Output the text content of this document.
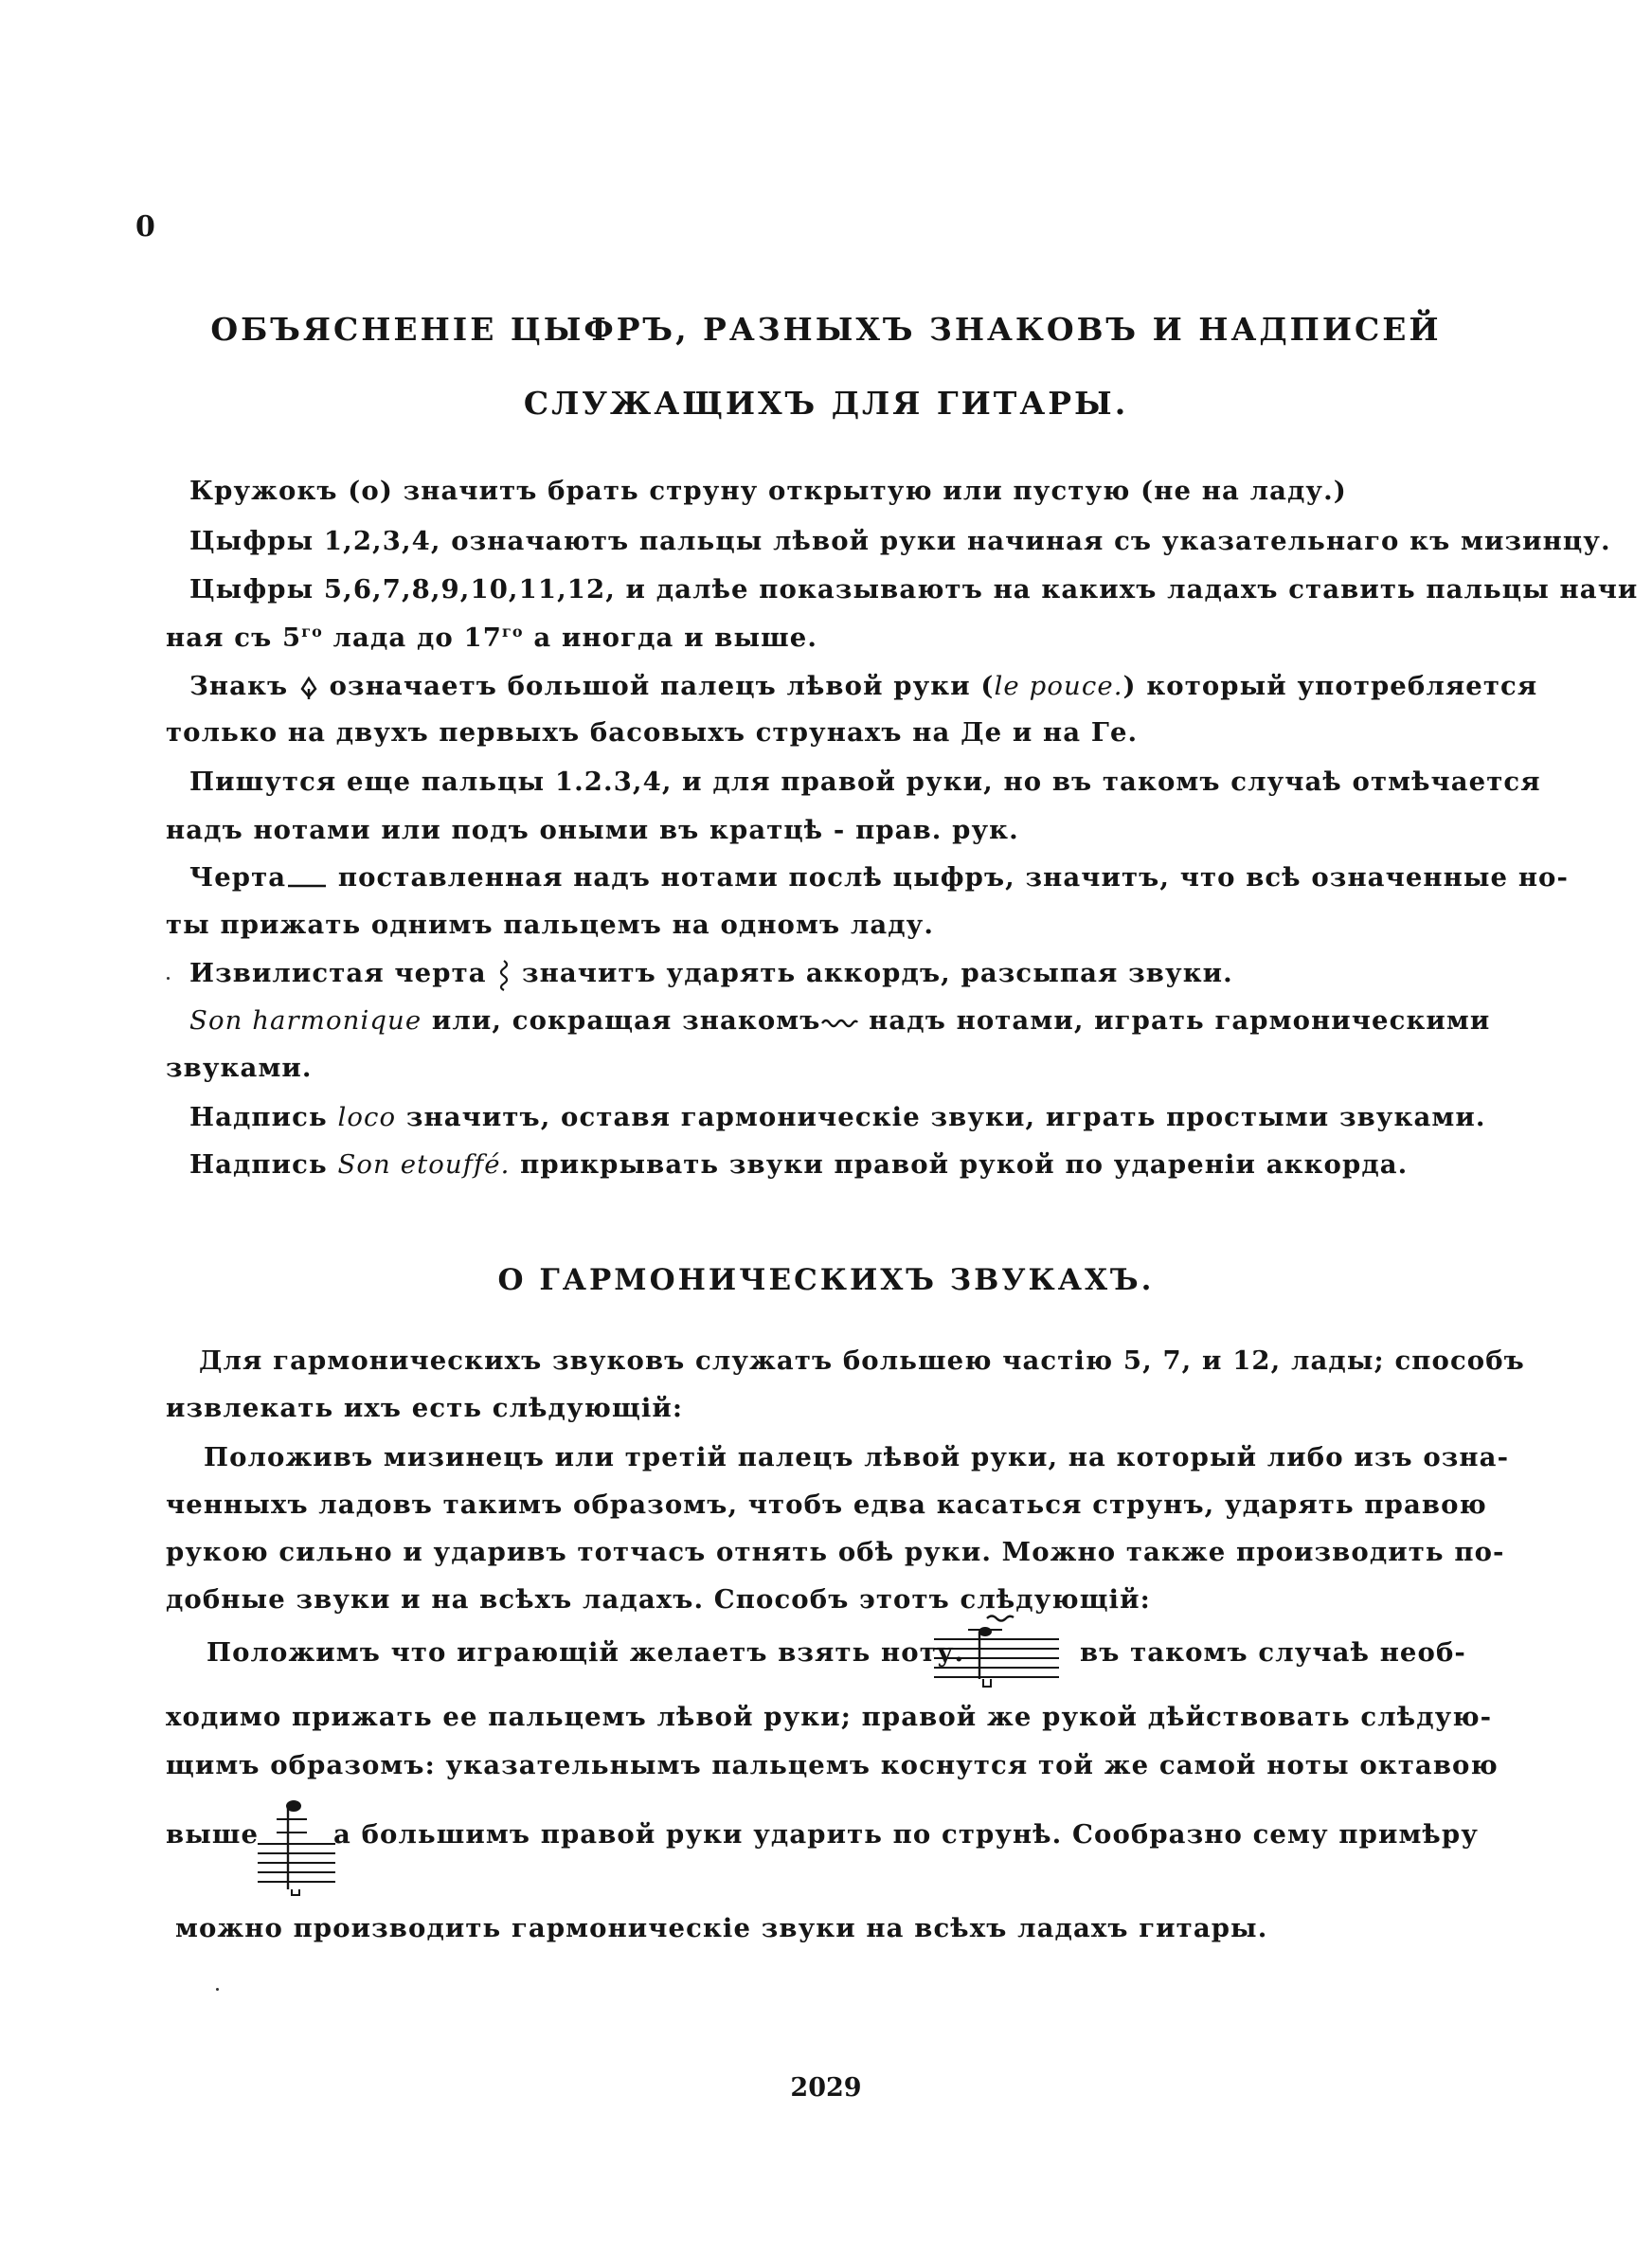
0
ОБЪЯСНЕНІЕ ЦЫФРЪ, РАЗНЫХЪ ЗНАКОВЪ И НАДПИСЕЙ
СЛУЖАЩИХЪ ДЛЯ ГИТАРЫ.
Кружокъ (o) значитъ брать струну открытую или пустую (не на ладу.)
Цыфры 1,2,3,4, означаютъ пальцы лѣвой руки начиная съ указательнаго къ мизинцу.
Цыфры 5,6,7,8,9,10,11,12, и далѣе показываютъ на какихъ ладахъ ставить пальцы начи
ная съ $5^{го}$ лада до $17^{го}$ а иногда и выше.
Знакъ  означаетъ большой палецъ лѣвой руки (le pouce.) который употребляется
только на двухъ первыхъ басовыхъ струнахъ на Де и на Ге.
Пишутся еще пальцы 1.2.3,4, и для правой руки, но въ такомъ случаѣ отмѣчается
надъ нотами или подъ оными въ кратцѣ - прав. рук.
Черта поставленная надъ нотами послѣ цыфръ, значитъ, что всѣ означенные но-
ты прижать однимъ пальцемъ на одномъ ладу.
Извилистая черта  значитъ ударять аккордъ, разсыпая звуки.
Son harmonique или, сокращая знакомъ надъ нотами, играть гармоническими
звуками.
Надпись loco значитъ, оставя гармоническіе звуки, играть простыми звуками.
Надпись Son etouffé. прикрывать звуки правой рукой по ударенiи аккорда.
О ГАРМОНИЧЕСКИХЪ ЗВУКАХЪ.
Для гармоническихъ звуковъ служатъ большею частiю 5, 7, и 12, лады; способъ
извлекать ихъ есть слѣдующiй:
Положивъ мизинецъ или третiй палецъ лѣвой руки, на который либо изъ озна-
ченныхъ ладовъ такимъ образомъ, чтобъ едва касаться струнъ, ударять правою
рукою сильно и ударивъ тотчасъ отнять обѣ руки. Можно также производить по-
добные звуки и на всѣхъ ладахъ. Способъ этотъ слѣдующiй:
Положимъ что играющiй желаетъ взять ноту.	въ такомъ случаѣ необ-
ходимо прижать ее пальцемъ лѣвой руки; правой же рукой дѣйствовать слѣдую-
щимъ образомъ: указательнымъ пальцемъ коснутся той же самой ноты октавою
выше	а большимъ правой руки ударить по струнѣ. Сообразно сему примѣру
можно производить гармоническiе звуки на всѣхъ ладахъ гитары.
2029
